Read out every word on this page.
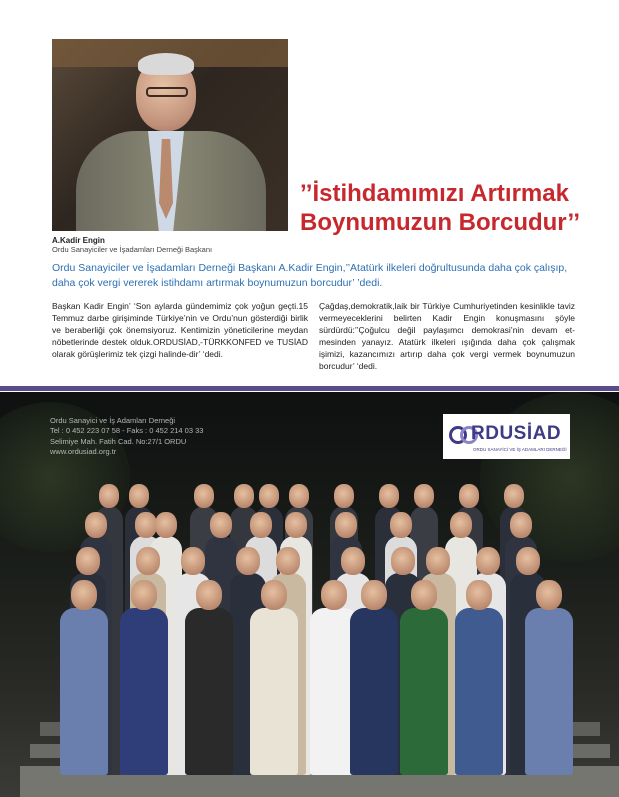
A.Kadir Engin
Ordu Sanayiciler ve İşadamları Derneği Başkanı
’’İstihdamımızı Artırmak
Boynumuzun Borcudur’’

Ordu Sanayiciler ve İşadamları Derneği Başkanı A.Kadir Engin,’’Atatürk ilkeleri doğrultusunda daha çok çalışıp, daha çok vergi vererek istihdamı artırmak boynumuzun borcudur’ ’dedi.

Başkan Kadir Engin’ ‘Son aylarda gündemimiz çok yoğun geçti.15 Temmuz darbe girişiminde Türkiye’nin ve Ordu’nun gösterdiği birlik ve beraberliği çok önemsiyoruz. Kentimizin yöneticilerine meydan nöbetlerinde destek olduk.ORDUSİAD,-TÜRKKONFED ve TUSİAD olarak görüşlerimiz tek çizgi halinde-dir’ ‘dedi.

Çağdaş,demokratik,laik bir Türkiye Cumhuriyetinden kesinlikle taviz vermeyeceklerini belirten Kadir Engin konuşmasını şöyle sürdürdü:’’Çoğulcu değil paylaşımcı demokrasi’nin devam et-mesinden yanayız. Atatürk ilkeleri ışığında daha çok çalışmak işimizi, kazancımızı artırıp daha çok vergi vermek boynumuzun borcudur’ ‘dedi.

Ordu Sanayici ve İş Adamları Derneği
Tel : 0 452 223 07 58 - Faks : 0 452 214 03 33
Selimiye Mah. Fatih Cad. No:27/1 ORDU
www.ordusiad.org.tr

RDUSİAD
ORDU SANAYİCİ VE İŞ ADAMLARI DERNEĞİ
